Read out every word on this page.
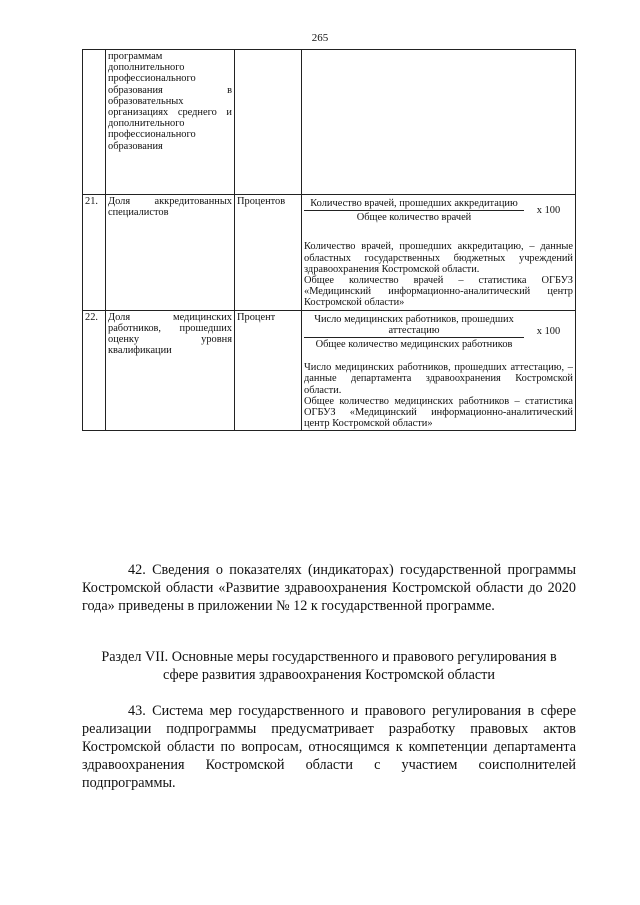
265
	программам дополнительного профессионального образования в образовательных организациях среднего и дополнительного профессионального образования		
21.	Доля аккредитованных специалистов	Процентов	$\frac{\text{Количество врачей, прошедших аккредитацию}}{\text{Общее количество врачей}}$ x 100

Количество врачей, прошедших аккредитацию, – данные областных государственных бюджетных учреждений здравоохранения Костромской области.

Общее количество врачей – статистика ОГБУЗ «Медицинский информационно-аналитический центр Костромской области»

22.	Доля медицинских работников, прошедших оценку уровня квалификации	Процент	$\frac{\text{Число медицинских работников, прошедших аттестацию}}{\text{Общее количество медицинских работников}}$ x 100

Число медицинских работников, прошедших аттестацию, – данные департамента здравоохранения Костромской области.

Общее количество медицинских работников – статистика ОГБУЗ «Медицинский информационно-аналитический центр Костромской области»

42. Сведения о показателях (индикаторах) государственной программы Костромской области «Развитие здравоохранения Костромской области до 2020 года» приведены в приложении № 12 к государственной программе.

Раздел VII. Основные меры государственного и правового регулирования в сфере развития здравоохранения Костромской области

43. Система мер государственного и правового регулирования в сфере реализации подпрограммы предусматривает разработку правовых актов Костромской области по вопросам, относящимся к компетенции департамента здравоохранения Костромской области с участием соисполнителей подпрограммы.
